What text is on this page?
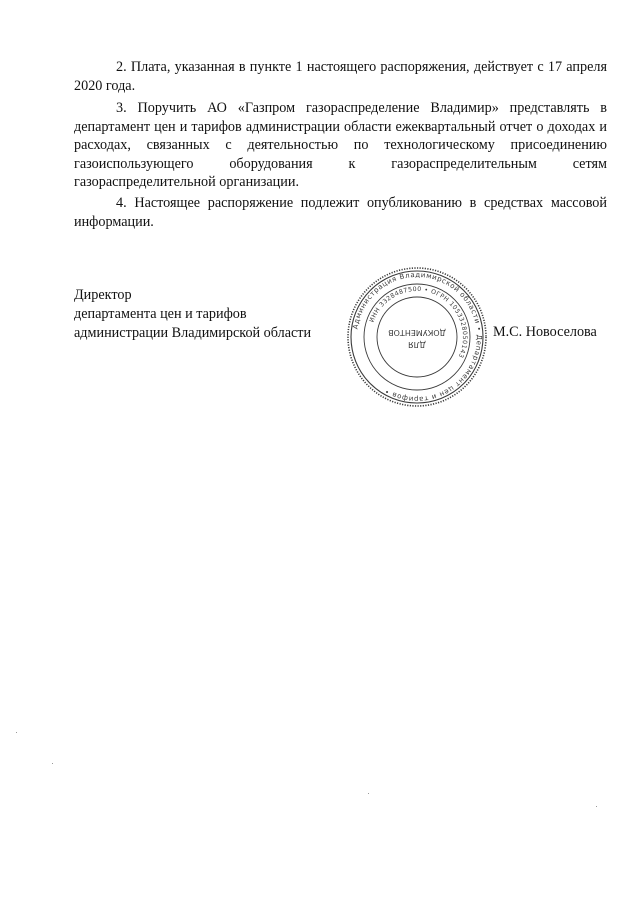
2. Плата, указанная в пункте 1 настоящего распоряжения, действует с 17 апреля 2020 года.

3. Поручить АО «Газпром газораспределение Владимир» представлять в департамент цен и тарифов администрации области ежеквартальный отчет о доходах и расходах, связанных с деятельностью по технологическому присоединению газоиспользующего оборудования к газораспределительным сетям газораспределительной организации.

4. Настоящее распоряжение подлежит опубликованию в средствах массовой информации.

Директор
департамента цен и тарифов
администрации Владимирской области	Администрация Владимирской области • Департамент цен и тарифов •
ИНН 3328487500 • ОГРН 1053328050143
ДЛЯ
ДОКУМЕНТОВ	М.С. Новоселова
